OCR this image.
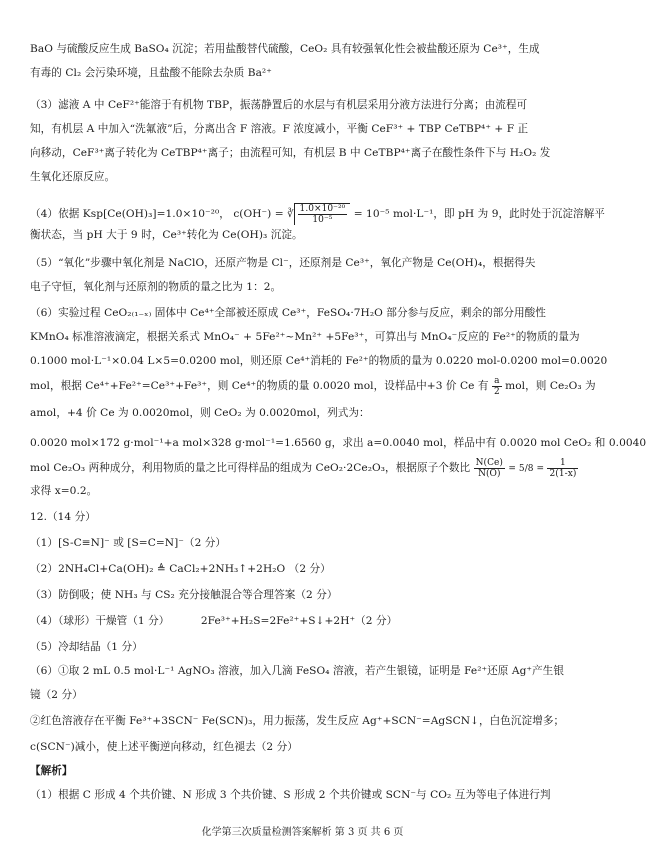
BaO 与硫酸反应生成 BaSO₄ 沉淀；若用盐酸替代硫酸，CeO₂ 具有较强氧化性会被盐酸还原为 Ce³⁺，生成
有毒的 Cl₂ 会污染环境，且盐酸不能除去杂质 Ba²⁺
（3）滤液 A 中 CeF²⁺能溶于有机物 TBP，振荡静置后的水层与有机层采用分液方法进行分离；由流程可
知，有机层 A 中加入“洗氟液”后，分离出含 F 溶液。F 浓度减小，平衡 CeF³⁺ + TBP CeTBP⁴⁺ + F 正
向移动，CeF³⁺离子转化为 CeTBP⁴⁺离子；由流程可知，有机层 B 中 CeTBP⁴⁺离子在酸性条件下与 H₂O₂ 发
生氧化还原反应。
（4）依据 Ksp[Ce(OH)₃]=1.0×10⁻²⁰， c(OH⁻) = ∛ $\frac{\text{1.0×10⁻²⁰}}{\text{10⁻⁵}} = 10^{-5}$ mol·L⁻¹，即 pH 为 9，此时处于沉淀溶解平
衡状态，当 pH 大于 9 时，Ce³⁺转化为 Ce(OH)₃ 沉淀。
（5）“氧化”步骤中氧化剂是 NaClO，还原产物是 Cl⁻，还原剂是 Ce³⁺，氧化产物是 Ce(OH)₄，根据得失
电子守恒，氧化剂与还原剂的物质的量之比为 1：2。
（6）实验过程 CeO₂₍₁₋ₓ₎ 固体中 Ce⁴⁺全部被还原成 Ce³⁺，FeSO₄·7H₂O 部分参与反应，剩余的部分用酸性
KMnO₄ 标准溶液滴定，根据关系式 MnO₄⁻ + 5Fe²⁺~Mn²⁺ +5Fe³⁺，可算出与 MnO₄⁻反应的 Fe²⁺的物质的量为
0.1000 mol·L⁻¹×0.04 L×5=0.0200 mol，则还原 Ce⁴⁺消耗的 Fe²⁺的物质的量为 0.0220 mol-0.0200 mol=0.0020
mol，根据 Ce⁴⁺+Fe²⁺=Ce³⁺+Fe³⁺，则 Ce⁴⁺的物质的量 0.0020 mol，设样品中+3 价 Ce 有 $\frac{a}{2}$ mol，则 Ce₂O₃ 为
amol，+4 价 Ce 为 0.0020mol，则 CeO₂ 为 0.0020mol，列式为：
0.0020 mol×172 g·mol⁻¹+a mol×328 g·mol⁻¹=1.6560 g，求出 a=0.0040 mol，样品中有 0.0020 mol CeO₂ 和 0.0040
mol Ce₂O₃ 两种成分，利用物质的量之比可得样品的组成为 CeO₂·2Ce₂O₃，根据原子个数比 $\frac{N(Ce)}{N(O)} = 5/8 = \frac{1}{2(1-x)}$
求得 x=0.2。
12.（14 分）
（1）[S-C≡N]⁻ 或 [S=C=N]⁻（2 分）
（2）2NH₄Cl+Ca(OH)₂ ≜ CaCl₂+2NH₃↑+2H₂O （2 分）
（3）防倒吸；使 NH₃ 与 CS₂ 充分接触混合等合理答案（2 分）
（4）（球形）干燥管（1 分）	2Fe³⁺+H₂S=2Fe²⁺+S↓+2H⁺（2 分）
（5）冷却结晶（1 分）
（6）①取 2 mL 0.5 mol·L⁻¹ AgNO₃ 溶液，加入几滴 FeSO₄ 溶液，若产生银镜，证明是 Fe²⁺还原 Ag⁺产生银
镜（2 分）
②红色溶液存在平衡 Fe³⁺+3SCN⁻ Fe(SCN)₃，用力振荡，发生反应 Ag⁺+SCN⁻=AgSCN↓，白色沉淀增多；
c(SCN⁻)减小，使上述平衡逆向移动，红色褪去（2 分）
【解析】
（1）根据 C 形成 4 个共价键、N 形成 3 个共价键、S 形成 2 个共价键或 SCN⁻与 CO₂ 互为等电子体进行判
化学第三次质量检测答案解析 第 3 页 共 6 页
